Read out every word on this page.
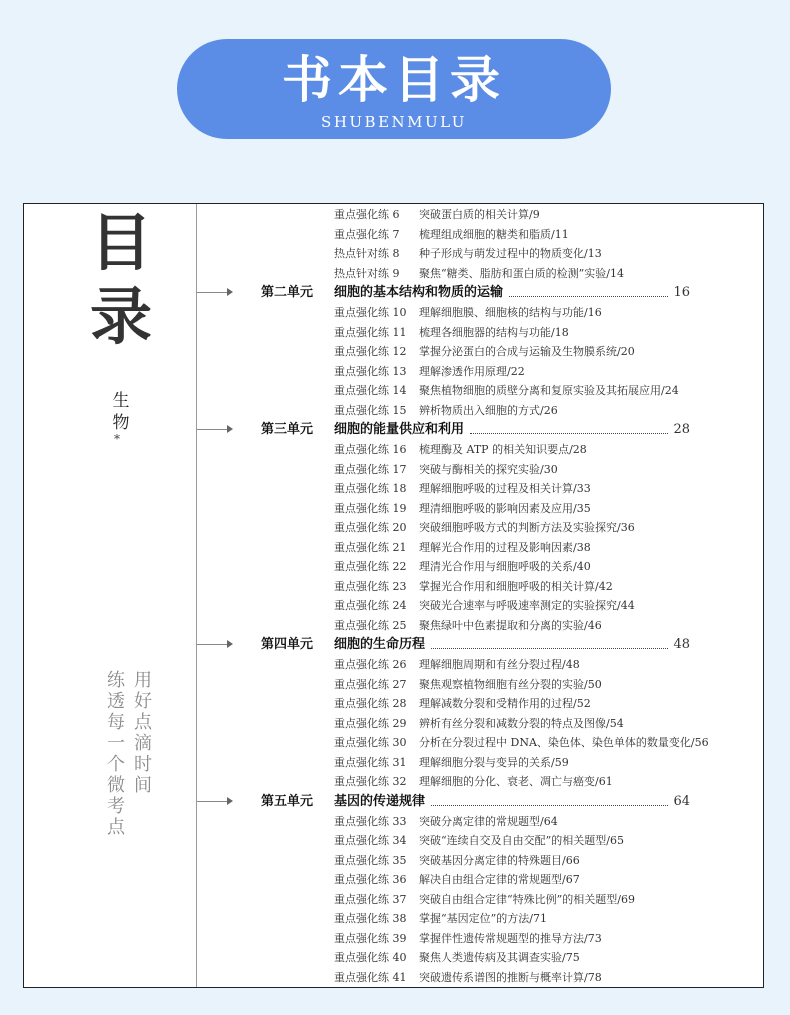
书本目录
SHUBENMULU
目
录
生
物
*
用
好
点
滴
时
间
练
透
每
一
个
微
考
点
重点强化练 6 突破蛋白质的相关计算/9
重点强化练 7 梳理组成细胞的糖类和脂质/11
热点针对练 8 种子形成与萌发过程中的物质变化/13
热点针对练 9 聚焦“糖类、脂肪和蛋白质的检测”实验/14
第二单元 细胞的基本结构和物质的运输	16
重点强化练 10 理解细胞膜、细胞核的结构与功能/16
重点强化练 11 梳理各细胞器的结构与功能/18
重点强化练 12 掌握分泌蛋白的合成与运输及生物膜系统/20
重点强化练 13 理解渗透作用原理/22
重点强化练 14 聚焦植物细胞的质壁分离和复原实验及其拓展应用/24
重点强化练 15 辨析物质出入细胞的方式/26
第三单元 细胞的能量供应和利用	28
重点强化练 16 梳理酶及 ATP 的相关知识要点/28
重点强化练 17 突破与酶相关的探究实验/30
重点强化练 18 理解细胞呼吸的过程及相关计算/33
重点强化练 19 理清细胞呼吸的影响因素及应用/35
重点强化练 20 突破细胞呼吸方式的判断方法及实验探究/36
重点强化练 21 理解光合作用的过程及影响因素/38
重点强化练 22 理清光合作用与细胞呼吸的关系/40
重点强化练 23 掌握光合作用和细胞呼吸的相关计算/42
重点强化练 24 突破光合速率与呼吸速率测定的实验探究/44
重点强化练 25 聚焦绿叶中色素提取和分离的实验/46
第四单元 细胞的生命历程	48
重点强化练 26 理解细胞周期和有丝分裂过程/48
重点强化练 27 聚焦观察植物细胞有丝分裂的实验/50
重点强化练 28 理解减数分裂和受精作用的过程/52
重点强化练 29 辨析有丝分裂和减数分裂的特点及图像/54
重点强化练 30 分析在分裂过程中 DNA、染色体、染色单体的数量变化/56
重点强化练 31 理解细胞分裂与变异的关系/59
重点强化练 32 理解细胞的分化、衰老、凋亡与癌变/61
第五单元 基因的传递规律	64
重点强化练 33 突破分离定律的常规题型/64
重点强化练 34 突破“连续自交及自由交配”的相关题型/65
重点强化练 35 突破基因分离定律的特殊题目/66
重点强化练 36 解决自由组合定律的常规题型/67
重点强化练 37 突破自由组合定律“特殊比例”的相关题型/69
重点强化练 38 掌握“基因定位”的方法/71
重点强化练 39 掌握伴性遗传常规题型的推导方法/73
重点强化练 40 聚焦人类遗传病及其调查实验/75
重点强化练 41 突破遗传系谱图的推断与概率计算/78
